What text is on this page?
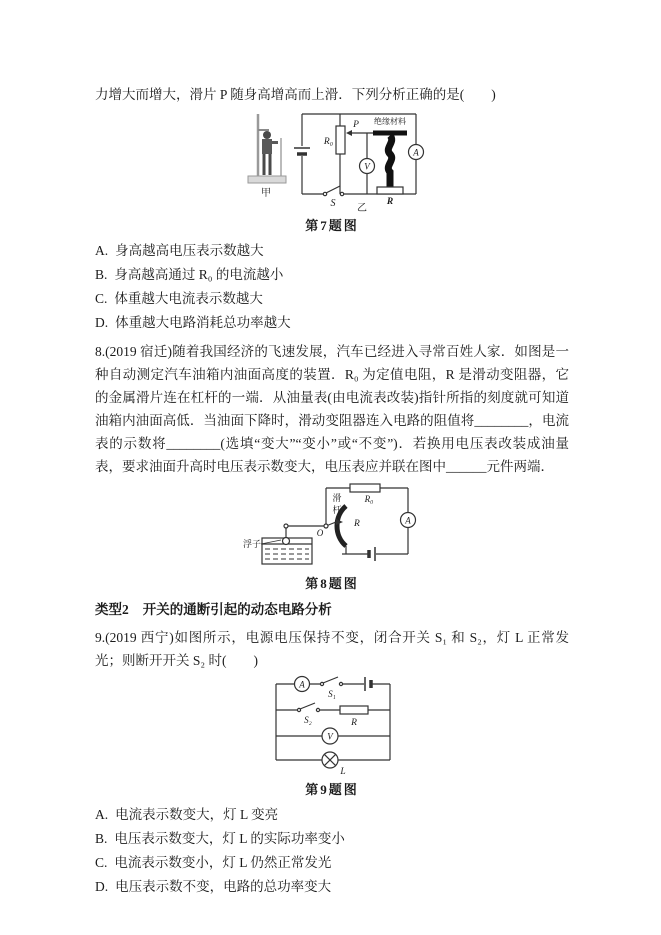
力增大而增大，滑片 P 随身高增高而上滑．下列分析正确的是(　　)
甲
R₀
P 绝缘材料
V
A
S	R
乙
第7题图
A. 身高越高电压表示数越大
B. 身高越高通过 R₀ 的电流越小
C. 体重越大电流表示数越大
D. 体重越大电路消耗总功率越大
8.(2019 宿迁)随着我国经济的飞速发展，汽车已经进入寻常百姓人家．如图是一种自动测定汽车油箱内油面高度的装置．R₀ 为定值电阻，R 是滑动变阻器，它的金属滑片连在杠杆的一端．从油量表(由电流表改装)指针所指的刻度就可知道油箱内油面高低．当油面下降时，滑动变阻器连入电路的阻值将________，电流表的示数将________(选填“变大”“变小”或“不变”)．若换用电压表改装成油量表，要求油面升高时电压表示数变大，电压表应并联在图中______元件两端．
滑
杆
R₀
R	A
O
浮子
第8题图
类型2 开关的通断引起的动态电路分析
9.(2019 西宁)如图所示，电源电压保持不变，闭合开关 S₁ 和 S₂，灯 L 正常发光；则断开开关 S₂ 时(　　)
A
S₁
S₂	R
V
L
第9题图
A. 电流表示数变大，灯 L 变亮
B. 电压表示数变大，灯 L 的实际功率变小
C. 电流表示数变小，灯 L 仍然正常发光
D. 电压表示数不变，电路的总功率变大
